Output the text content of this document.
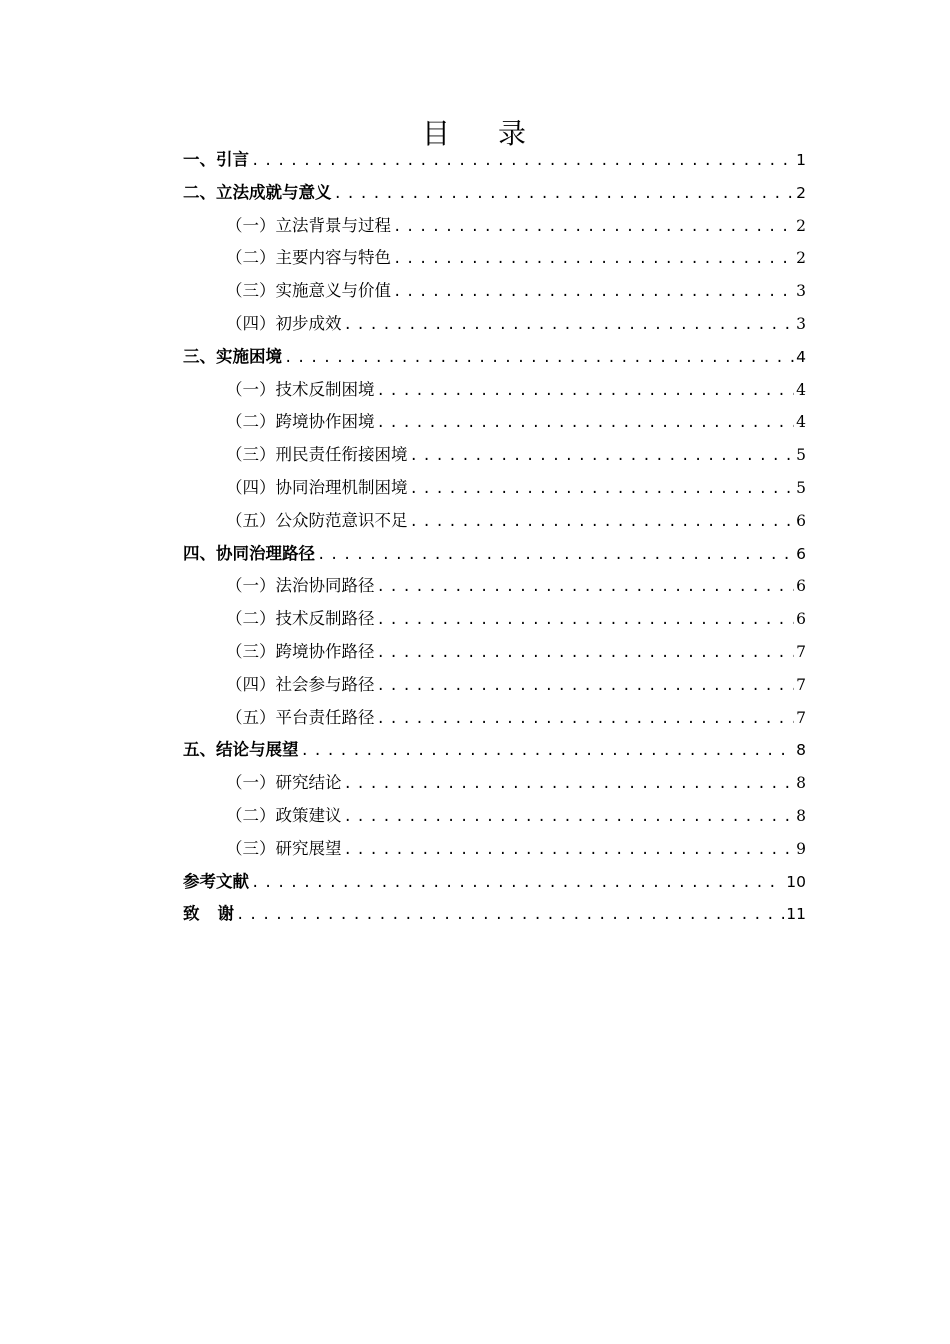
目 录
一、引言 .....	1
二、立法成就与意义 .....	2
（一）立法背景与过程 .....	2
（二）主要内容与特色 .....	2
（三）实施意义与价值 .....	3
（四）初步成效 .....	3
三、实施困境 .....	4
（一）技术反制困境 .....	4
（二）跨境协作困境 .....	4
（三）刑民责任衔接困境 .....	5
（四）协同治理机制困境 .....	5
（五）公众防范意识不足 .....	6
四、协同治理路径 .....	6
（一）法治协同路径 .....	6
（二）技术反制路径 .....	6
（三）跨境协作路径 .....	7
（四）社会参与路径 .....	7
（五）平台责任路径 .....	7
五、结论与展望 .....	8
（一）研究结论 .....	8
（二）政策建议 .....	8
（三）研究展望 .....	9
参考文献 .....	10
致 谢 .....	11
